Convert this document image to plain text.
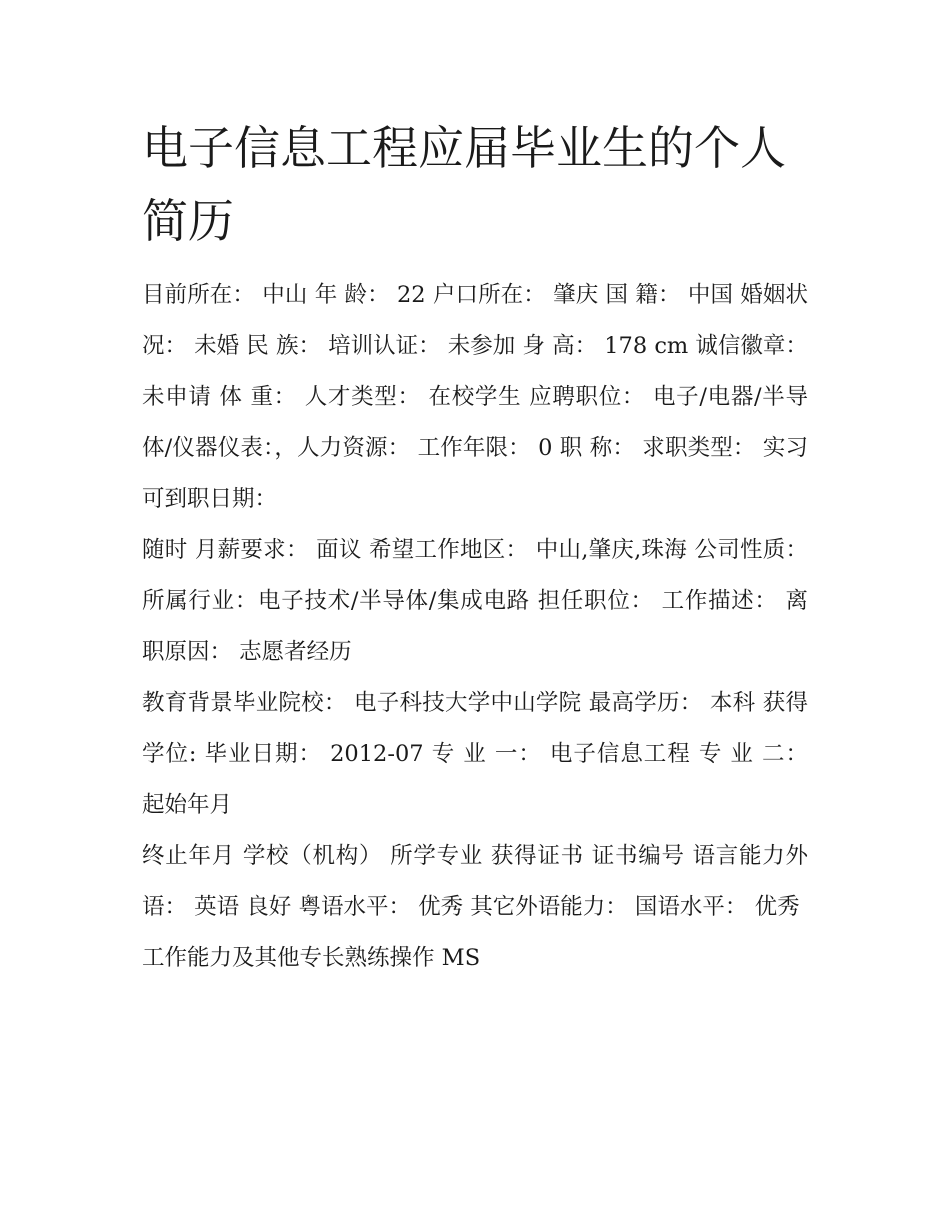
电子信息工程应届毕业生的个人简历

目前所在： 中山 年 龄： 22 户口所在： 肇庆 国 籍： 中国 婚姻状况： 未婚 民 族： 培训认证： 未参加 身 高： 178 cm 诚信徽章：

未申请 体 重： 人才类型： 在校学生 应聘职位： 电子/电器/半导体/仪器仪表：，人力资源： 工作年限： 0 职 称： 求职类型： 实习 可到职日期：

随时 月薪要求： 面议 希望工作地区： 中山,肇庆,珠海 公司性质： 所属行业：电子技术/半导体/集成电路 担任职位： 工作描述： 离职原因： 志愿者经历

教育背景毕业院校： 电子科技大学中山学院 最高学历： 本科 获得学位: 毕业日期： 2012-07 专 业 一： 电子信息工程 专 业 二： 起始年月

终止年月 学校（机构） 所学专业 获得证书 证书编号 语言能力外语： 英语 良好 粤语水平： 优秀 其它外语能力： 国语水平： 优秀

工作能力及其他专长熟练操作 MS
